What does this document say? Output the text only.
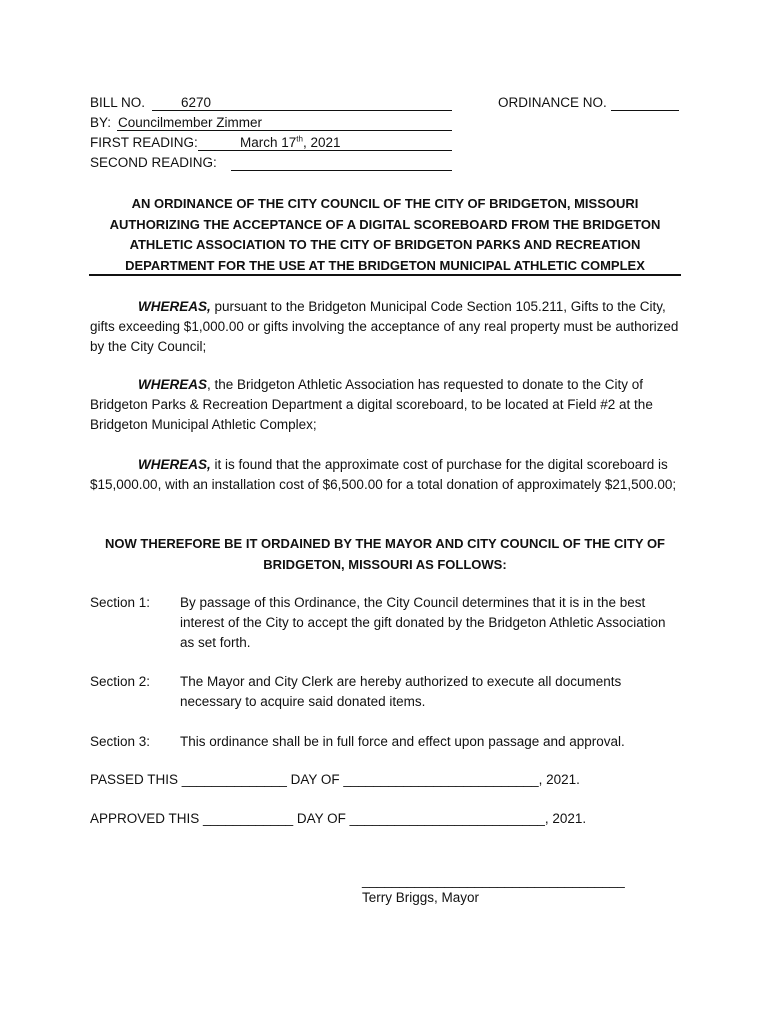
BILL NO.	6270	ORDINANCE NO.
BY: Councilmember Zimmer
FIRST READING:	March 17th, 2021
SECOND READING:
AN ORDINANCE OF THE CITY COUNCIL OF THE CITY OF BRIDGETON, MISSOURI AUTHORIZING THE ACCEPTANCE OF A DIGITAL SCOREBOARD FROM THE BRIDGETON ATHLETIC ASSOCIATION TO THE CITY OF BRIDGETON PARKS AND RECREATION DEPARTMENT FOR THE USE AT THE BRIDGETON MUNICIPAL ATHLETIC COMPLEX
WHEREAS, pursuant to the Bridgeton Municipal Code Section 105.211, Gifts to the City, gifts exceeding $1,000.00 or gifts involving the acceptance of any real property must be authorized by the City Council;
WHEREAS, the Bridgeton Athletic Association has requested to donate to the City of Bridgeton Parks & Recreation Department a digital scoreboard, to be located at Field #2 at the Bridgeton Municipal Athletic Complex;
WHEREAS, it is found that the approximate cost of purchase for the digital scoreboard is $15,000.00, with an installation cost of $6,500.00 for a total donation of approximately $21,500.00;
NOW THEREFORE BE IT ORDAINED BY THE MAYOR AND CITY COUNCIL OF THE CITY OF BRIDGETON, MISSOURI AS FOLLOWS:
Section 1: By passage of this Ordinance, the City Council determines that it is in the best interest of the City to accept the gift donated by the Bridgeton Athletic Association as set forth.
Section 2: The Mayor and City Clerk are hereby authorized to execute all documents necessary to acquire said donated items.
Section 3: This ordinance shall be in full force and effect upon passage and approval.
PASSED THIS ______________ DAY OF __________________________, 2021.
APPROVED THIS ____________ DAY OF __________________________, 2021.
___________________________________
Terry Briggs, Mayor
